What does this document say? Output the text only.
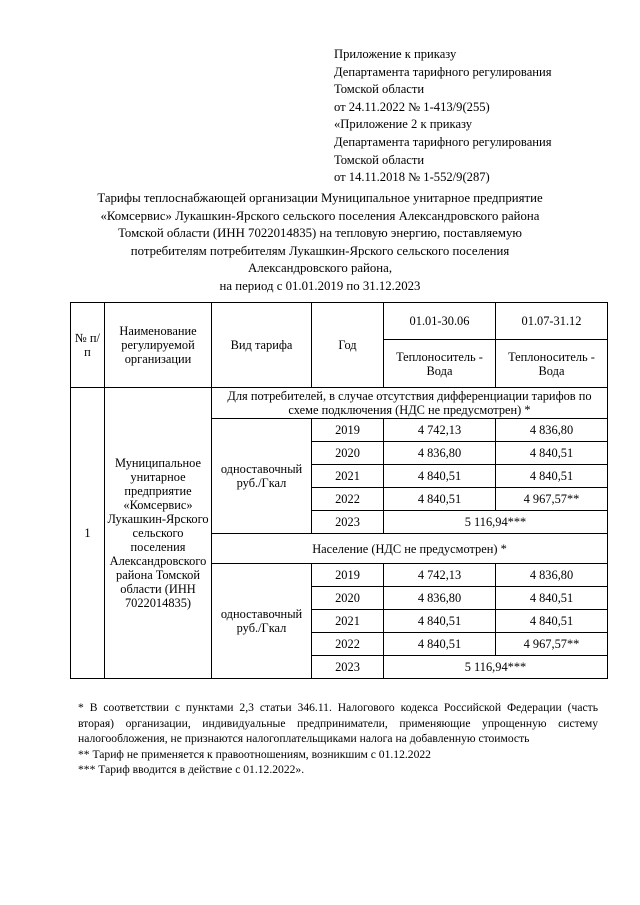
Приложение к приказу
Департамента тарифного регулирования
Томской области
от 24.11.2022 № 1-413/9(255)
«Приложение 2 к приказу
Департамента тарифного регулирования
Томской области
от 14.11.2018 № 1-552/9(287)
Тарифы теплоснабжающей организации Муниципальное унитарное предприятие
«Комсервис» Лукашкин-Ярского сельского поселения Александровского района
Томской области (ИНН 7022014835) на тепловую энергию, поставляемую
потребителям потребителям Лукашкин-Ярского сельского поселения
Александровского района,
на период с 01.01.2019 по 31.12.2023
№ п/п	Наименование регулируемой организации	Вид тарифа	Год	01.01-30.06	01.07-31.12
				Теплоноситель - Вода	Теплоноситель - Вода
1	Муниципальное унитарное предприятие «Комсервис» Лукашкин-Ярского сельского поселения Александровского района Томской области (ИНН 7022014835)	Для потребителей, в случае отсутствия дифференциации тарифов по схеме подключения (НДС не предусмотрен) *			
		одноставочный руб./Гкал	2019	4 742,13	4 836,80
			2020	4 836,80	4 840,51
			2021	4 840,51	4 840,51
			2022	4 840,51	4 967,57**
			2023	5 116,94***	
		Население (НДС не предусмотрен) *			
		одноставочный руб./Гкал	2019	4 742,13	4 836,80
			2020	4 836,80	4 840,51
			2021	4 840,51	4 840,51
			2022	4 840,51	4 967,57**
			2023	5 116,94***	
* В соответствии с пунктами 2,3 статьи 346.11. Налогового кодекса Российской Федерации (часть вторая) организации, индивидуальные предприниматели, применяющие упрощенную систему налогообложения, не признаются налогоплательщиками налога на добавленную стоимость
** Тариф не применяется к правоотношениям, возникшим с 01.12.2022
*** Тариф вводится в действие с 01.12.2022».
